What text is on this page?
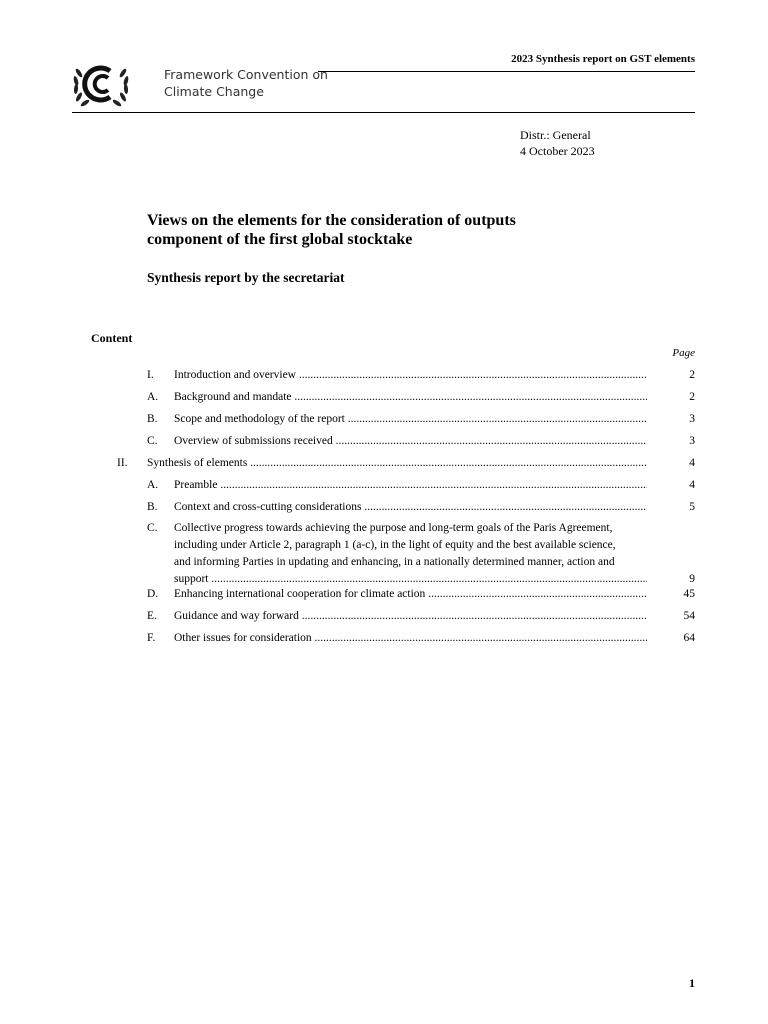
2023 Synthesis report on GST elements
Framework Convention on
Climate Change
Distr.: General
4 October 2023
Views on the elements for the consideration of outputs
component of the first global stocktake
Synthesis report by the secretariat
Content
Page
I. Introduction and overview .....	2
A. Background and mandate .....	2
B. Scope and methodology of the report .....	3
C. Overview of submissions received .....	3
II. Synthesis of elements .....	4
A. Preamble .....	4
B. Context and cross-cutting considerations .....	5
C. Collective progress towards achieving the purpose and long-term goals of the Paris Agreement,
including under Article 2, paragraph 1 (a-c), in the light of equity and the best available science,
and informing Parties in updating and enhancing, in a nationally determined manner, action and
support .....	9
D. Enhancing international cooperation for climate action .....	45
E. Guidance and way forward .....	54
F. Other issues for consideration .....	64
1
